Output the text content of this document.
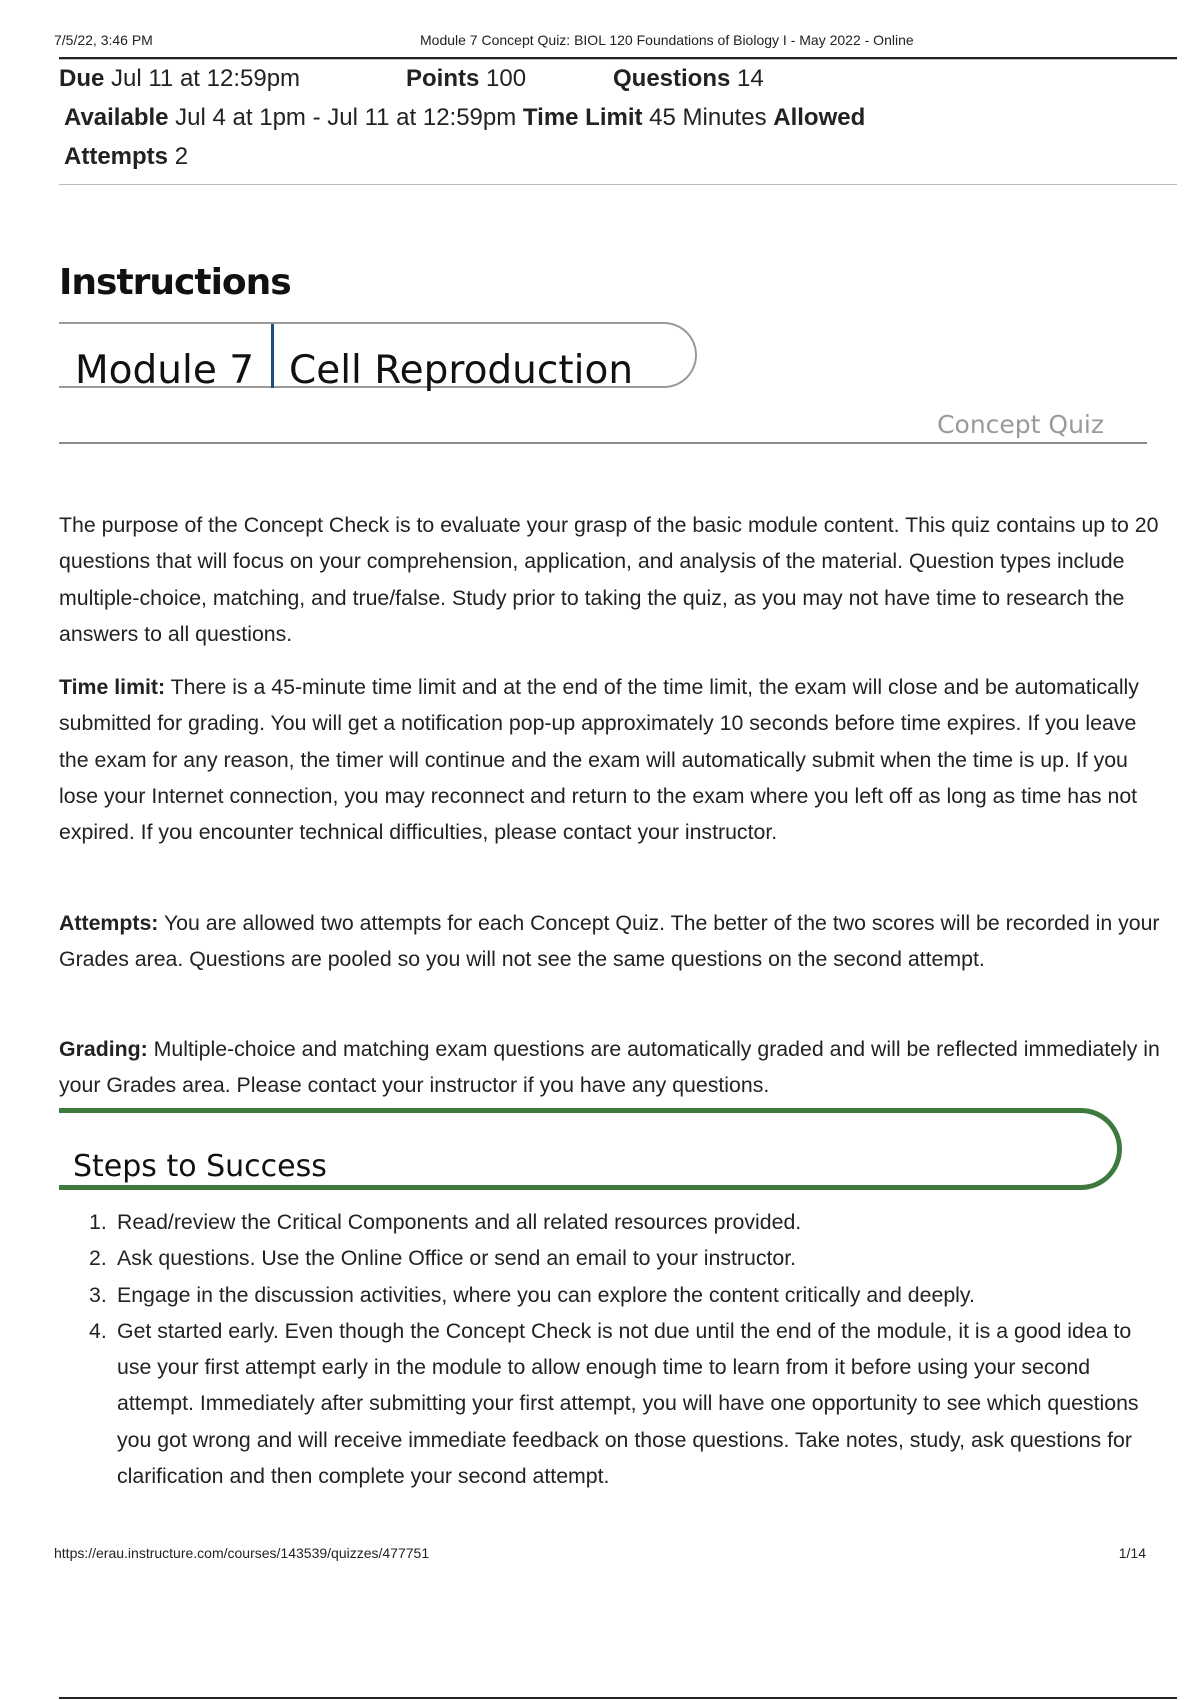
7/5/22, 3:46 PM	Module 7 Concept Quiz: BIOL 120 Foundations of Biology I - May 2022 - Online
Due Jul 11 at 12:59pm	Points 100	Questions 14
Available Jul 4 at 1pm - Jul 11 at 12:59pm Time Limit 45 Minutes Allowed
Attempts 2
Instructions
Module 7 Cell Reproduction
Concept Quiz

The purpose of the Concept Check is to evaluate your grasp of the basic module content. This quiz contains up to 20 questions that will focus on your comprehension, application, and analysis of the material. Question types include multiple-choice, matching, and true/false. Study prior to taking the quiz, as you may not have time to research the answers to all questions.

Time limit: There is a 45-minute time limit and at the end of the time limit, the exam will close and be automatically submitted for grading. You will get a notification pop-up approximately 10 seconds before time expires. If you leave the exam for any reason, the timer will continue and the exam will automatically submit when the time is up. If you lose your Internet connection, you may reconnect and return to the exam where you left off as long as time has not expired. If you encounter technical difficulties, please contact your instructor.

Attempts: You are allowed two attempts for each Concept Quiz. The better of the two scores will be recorded in your Grades area. Questions are pooled so you will not see the same questions on the second attempt.

Grading: Multiple-choice and matching exam questions are automatically graded and will be reflected immediately in your Grades area. Please contact your instructor if you have any questions.

Steps to Success
1. Read/review the Critical Components and all related resources provided.
2. Ask questions. Use the Online Office or send an email to your instructor.
3. Engage in the discussion activities, where you can explore the content critically and deeply.
4. Get started early. Even though the Concept Check is not due until the end of the module, it is a good idea to use your first attempt early in the module to allow enough time to learn from it before using your second attempt. Immediately after submitting your first attempt, you will have one opportunity to see which questions you got wrong and will receive immediate feedback on those questions. Take notes, study, ask questions for clarification and then complete your second attempt.
https://erau.instructure.com/courses/143539/quizzes/477751	1/14
